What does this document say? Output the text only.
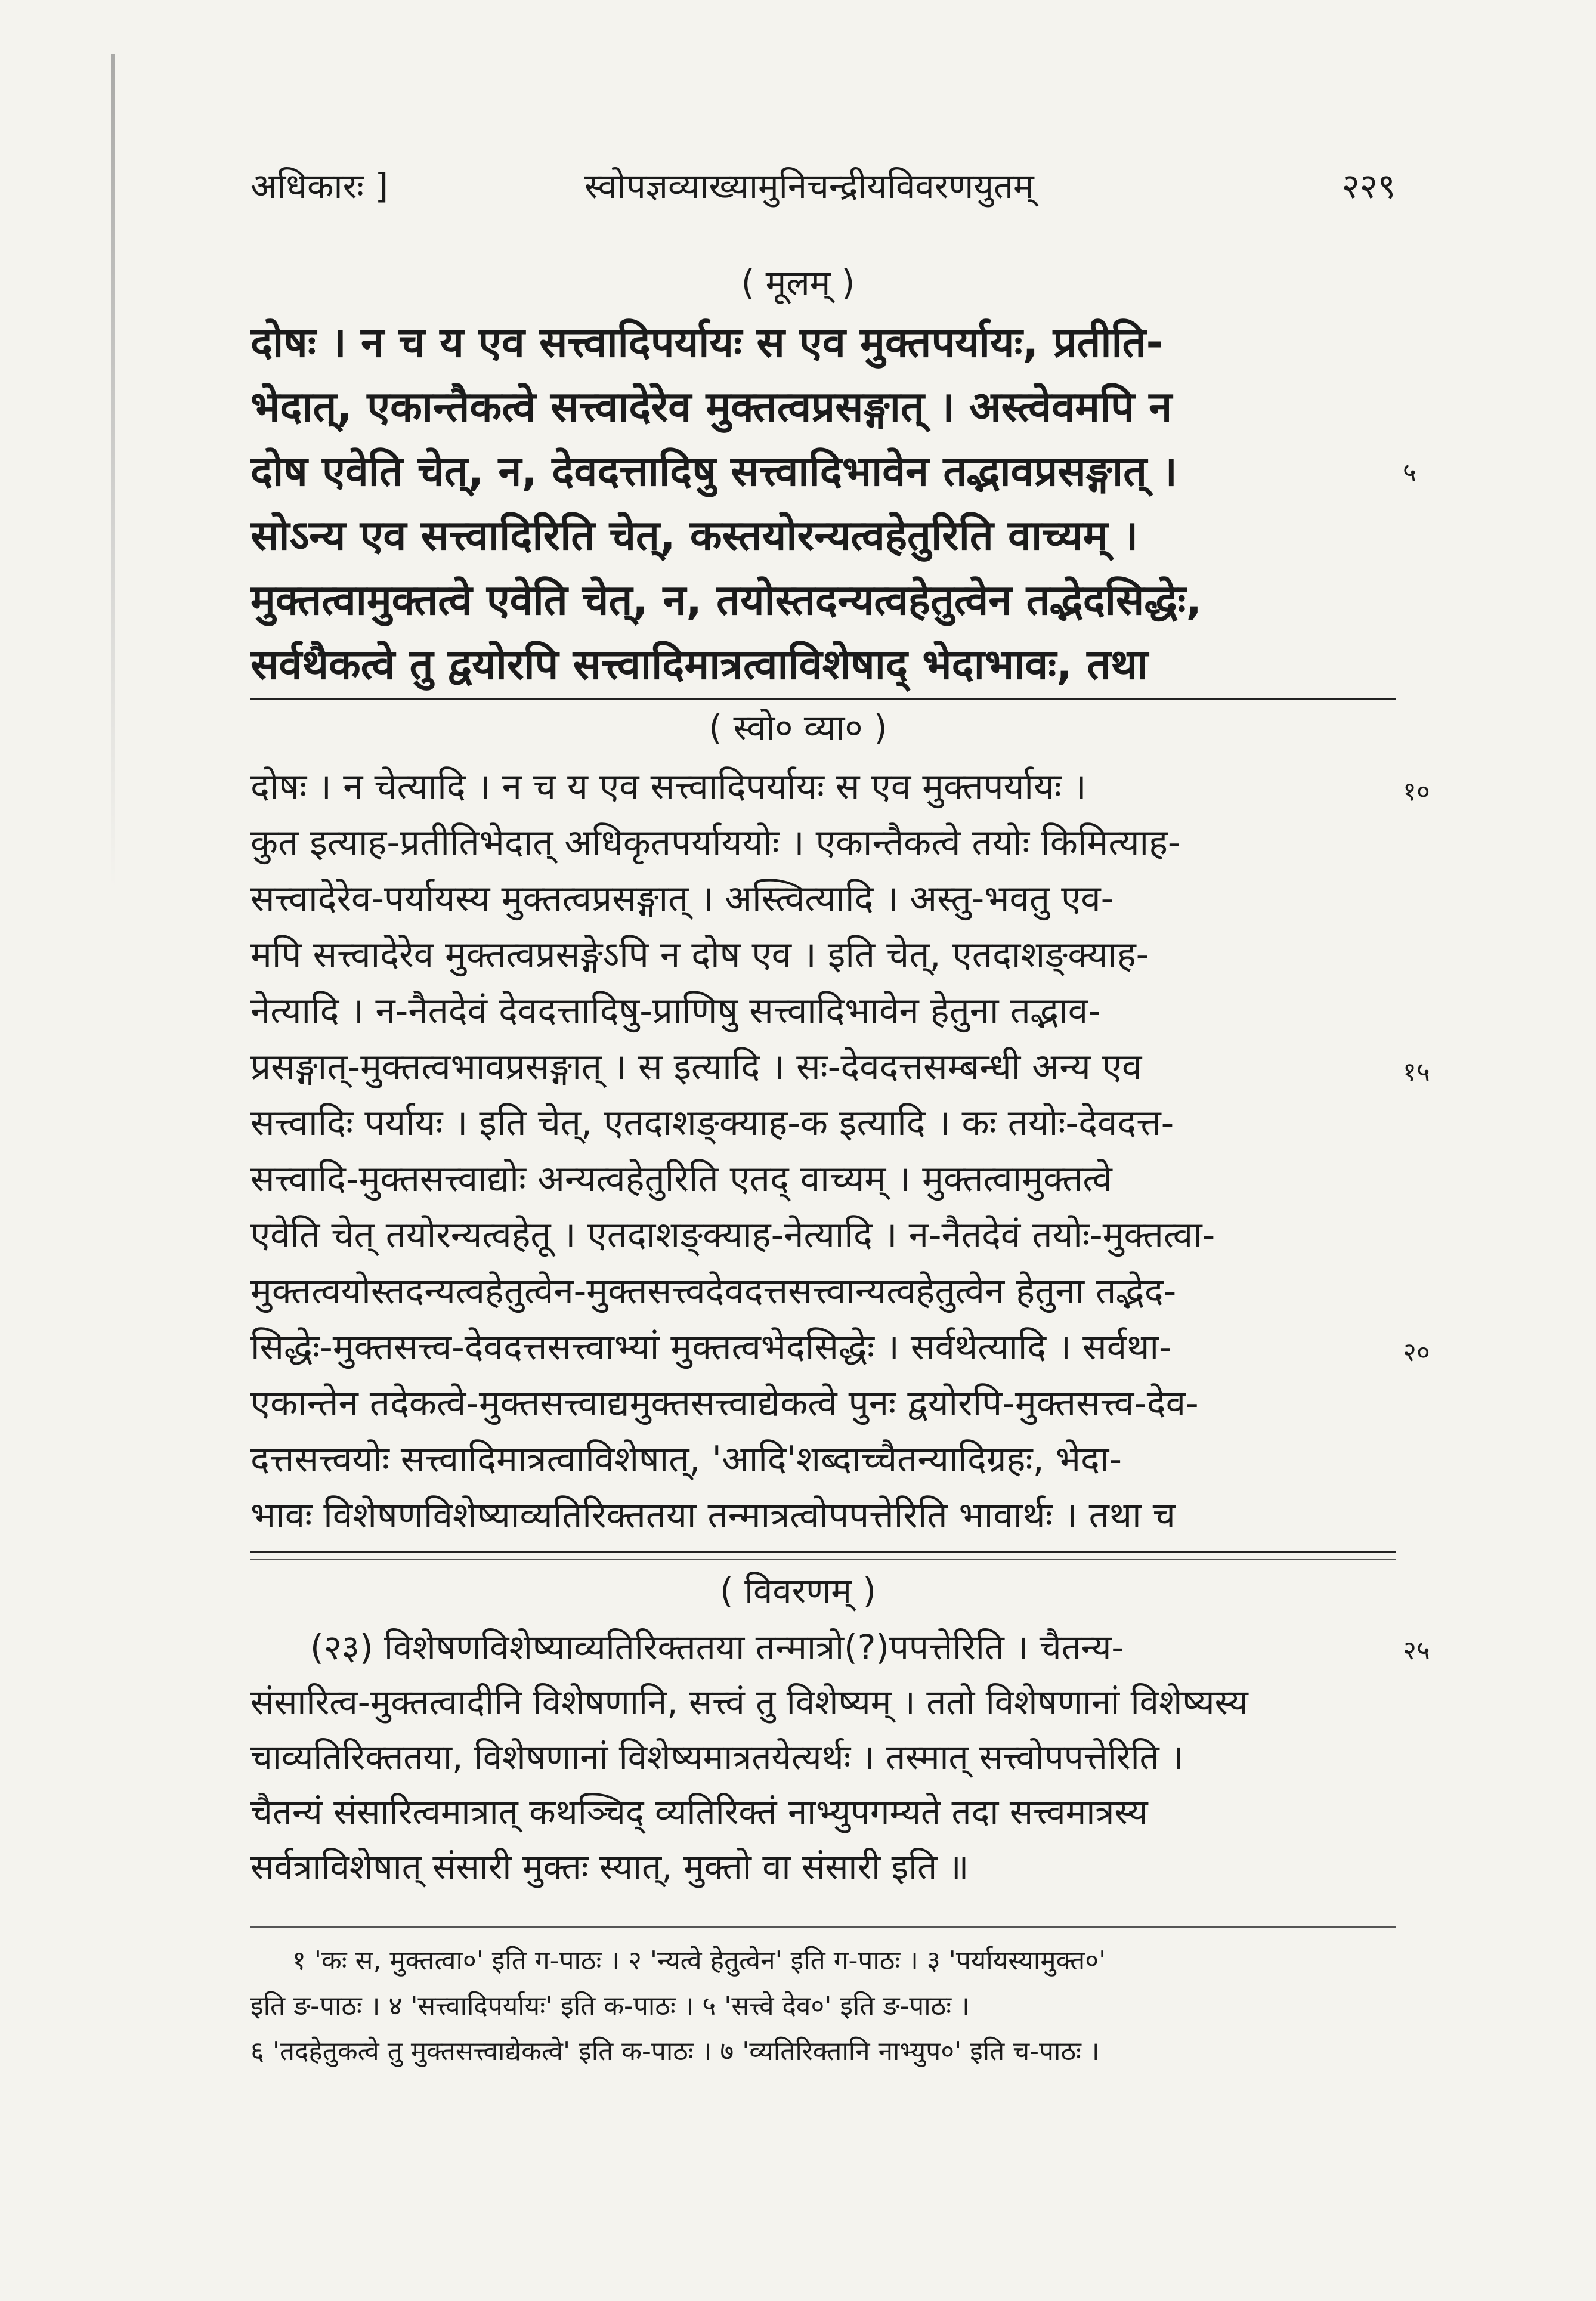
अधिकारः ]	स्वोपज्ञव्याख्यामुनिचन्द्रीयविवरणयुतम्	२२९
( मूलम् )
दोषः । न च य एव सत्त्वादिपर्यायः स एव मुक्तपर्यायः, प्रतीति-
भेदात्, एकान्तैकत्वे सत्त्वादेरेव मुक्तत्वप्रसङ्गात् । अस्त्वेवमपि न
दोष एवेति चेत्, न, देवदत्तादिषु सत्त्वादिभावेन तद्भावप्रसङ्गात् ।
सोऽन्य एव सत्त्वादिरिति चेत्, कस्तयोरन्यत्वहेतुरिति वाच्यम् ।
मुक्तत्वामुक्तत्वे एवेति चेत्, न, तयोस्तदन्यत्वहेतुत्वेन तद्भेदसिद्धेः,
सर्वथैकत्वे तु द्वयोरपि सत्त्वादिमात्रत्वाविशेषाद् भेदाभावः, तथा
५
( स्वो० व्या० )
दोषः । न चेत्यादि । न च य एव सत्त्वादिपर्यायः स एव मुक्तपर्यायः ।
कुत इत्याह-प्रतीतिभेदात् अधिकृतपर्याययोः । एकान्तैकत्वे तयोः किमित्याह-
सत्त्वादेरेव-पर्यायस्य मुक्तत्वप्रसङ्गात् । अस्त्वित्यादि । अस्तु-भवतु एव-
मपि सत्त्वादेरेव मुक्तत्वप्रसङ्गेऽपि न दोष एव । इति चेत्, एतदाशङ्क्याह-
नेत्यादि । न-नैतदेवं देवदत्तादिषु-प्राणिषु सत्त्वादिभावेन हेतुना तद्भाव-
प्रसङ्गात्-मुक्तत्वभावप्रसङ्गात् । स इत्यादि । सः-देवदत्तसम्बन्धी अन्य एव
सत्त्वादिः पर्यायः । इति चेत्, एतदाशङ्क्याह-क इत्यादि । कः तयोः-देवदत्त-
सत्त्वादि-मुक्तसत्त्वाद्योः अन्यत्वहेतुरिति एतद् वाच्यम् । मुक्तत्वामुक्तत्वे
एवेति चेत् तयोरन्यत्वहेतू । एतदाशङ्क्याह-नेत्यादि । न-नैतदेवं तयोः-मुक्तत्वा-
मुक्तत्वयोस्तदन्यत्वहेतुत्वेन-मुक्तसत्त्वदेवदत्तसत्त्वान्यत्वहेतुत्वेन हेतुना तद्भेद-
सिद्धेः-मुक्तसत्त्व-देवदत्तसत्त्वाभ्यां मुक्तत्वभेदसिद्धेः । सर्वथेत्यादि । सर्वथा-
एकान्तेन तदेकत्वे-मुक्तसत्त्वाद्यमुक्तसत्त्वाद्येकत्वे पुनः द्वयोरपि-मुक्तसत्त्व-देव-
दत्तसत्त्वयोः सत्त्वादिमात्रत्वाविशेषात्, 'आदि'शब्दाच्चैतन्यादिग्रहः, भेदा-
भावः विशेषणविशेष्याव्यतिरिक्ततया तन्मात्रत्वोपपत्तेरिति भावार्थः । तथा च
१०
१५
२०
( विवरणम् )
(२३) विशेषणविशेष्याव्यतिरिक्ततया तन्मात्रो(?)पपत्तेरिति । चैतन्य-
संसारित्व-मुक्तत्वादीनि विशेषणानि, सत्त्वं तु विशेष्यम् । ततो विशेषणानां विशेष्यस्य
चाव्यतिरिक्ततया, विशेषणानां विशेष्यमात्रतयेत्यर्थः । तस्मात् सत्त्वोपपत्तेरिति ।
चैतन्यं संसारित्वमात्रात् कथञ्चिद् व्यतिरिक्तं नाभ्युपगम्यते तदा सत्त्वमात्रस्य
सर्वत्राविशेषात् संसारी मुक्तः स्यात्, मुक्तो वा संसारी इति ॥
२५
१ 'कः स, मुक्तत्वा०' इति ग-पाठः । २ 'न्यत्वे हेतुत्वेन' इति ग-पाठः । ३ 'पर्यायस्यामुक्त०'
इति ङ-पाठः । ४ 'सत्त्वादिपर्यायः' इति क-पाठः । ५ 'सत्त्वे देव०' इति ङ-पाठः ।
६ 'तदहेतुकत्वे तु मुक्तसत्त्वाद्येकत्वे' इति क-पाठः । ७ 'व्यतिरिक्तानि नाभ्युप०' इति च-पाठः ।
